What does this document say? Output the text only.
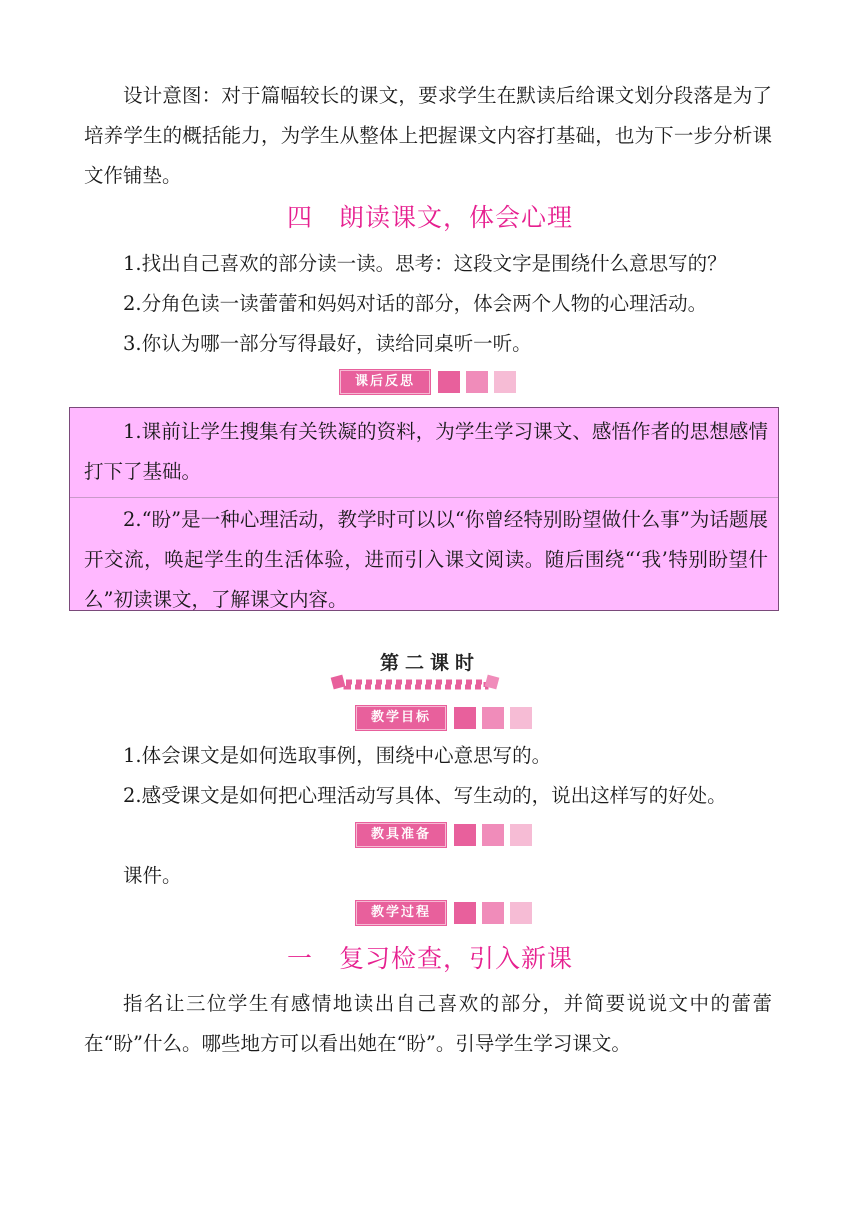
设计意图：对于篇幅较长的课文，要求学生在默读后给课文划分段落是为了培养学生的概括能力，为学生从整体上把握课文内容打基础，也为下一步分析课文作铺垫。

四　朗读课文，体会心理

1.找出自己喜欢的部分读一读。思考：这段文字是围绕什么意思写的？

2.分角色读一读蕾蕾和妈妈对话的部分，体会两个人物的心理活动。

3.你认为哪一部分写得最好，读给同桌听一听。

课后反思

1.课前让学生搜集有关铁凝的资料，为学生学习课文、感悟作者的思想感情打下了基础。

2.“盼”是一种心理活动，教学时可以以“你曾经特别盼望做什么事”为话题展开交流，唤起学生的生活体验，进而引入课文阅读。随后围绕“‘我’特别盼望什么”初读课文，了解课文内容。

第二课时
教学目标

1.体会课文是如何选取事例，围绕中心意思写的。

2.感受课文是如何把心理活动写具体、写生动的，说出这样写的好处。

教具准备

课件。

教学过程

一　复习检查，引入新课

指名让三位学生有感情地读出自己喜欢的部分，并简要说说文中的蕾蕾在“盼”什么。哪些地方可以看出她在“盼”。引导学生学习课文。
